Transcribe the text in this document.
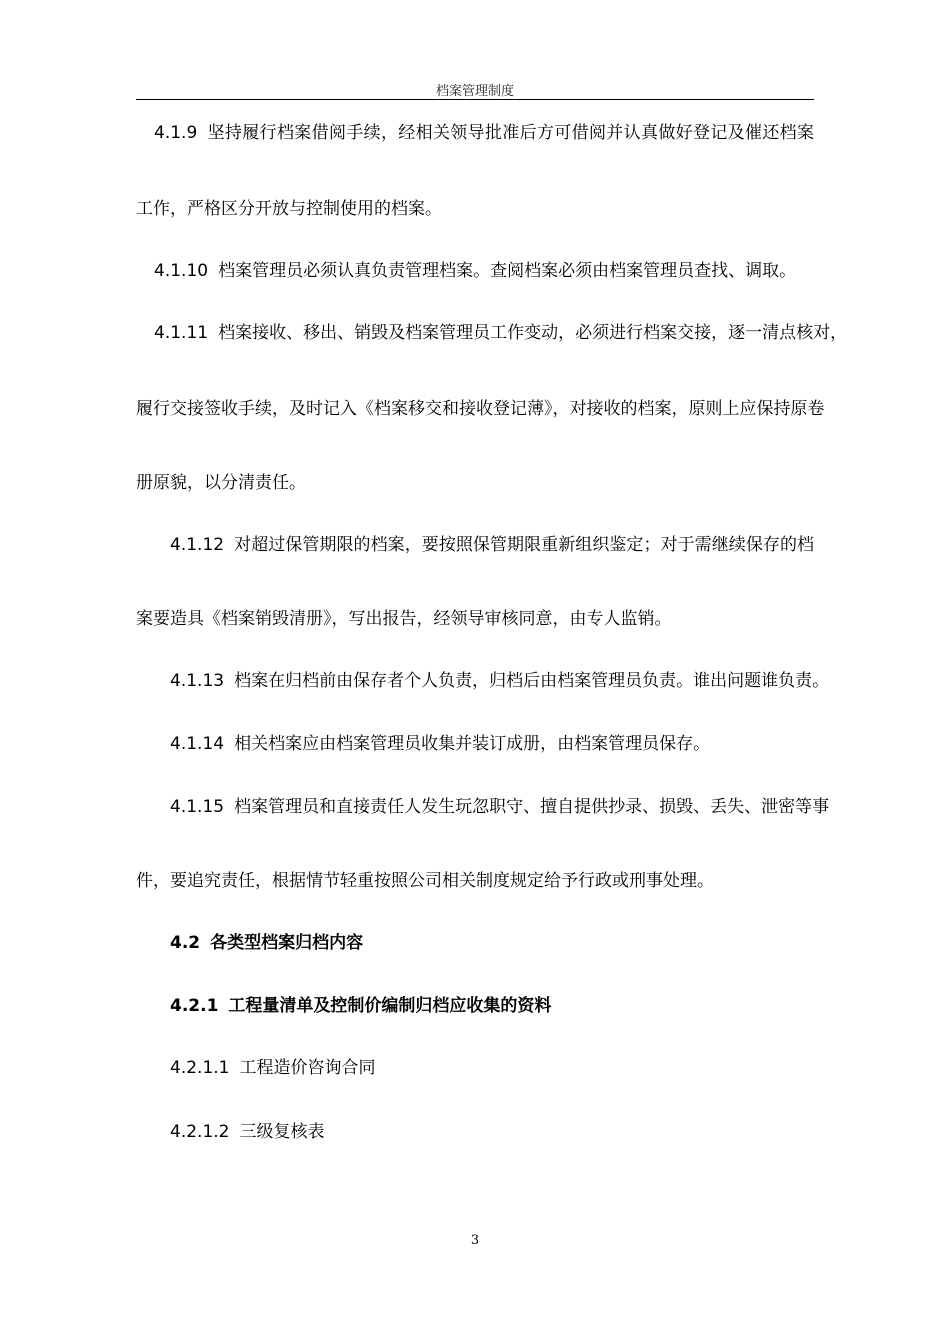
档案管理制度
4.1.9 坚持履行档案借阅手续，经相关领导批准后方可借阅并认真做好登记及催还档案
工作，严格区分开放与控制使用的档案。
4.1.10 档案管理员必须认真负责管理档案。查阅档案必须由档案管理员查找、调取。
4.1.11 档案接收、移出、销毁及档案管理员工作变动，必须进行档案交接，逐一清点核对，
履行交接签收手续，及时记入《档案移交和接收登记薄》，对接收的档案，原则上应保持原卷
册原貌，以分清责任。
4.1.12 对超过保管期限的档案，要按照保管期限重新组织鉴定；对于需继续保存的档
案要造具《档案销毁清册》，写出报告，经领导审核同意，由专人监销。
4.1.13 档案在归档前由保存者个人负责，归档后由档案管理员负责。谁出问题谁负责。
4.1.14 相关档案应由档案管理员收集并装订成册，由档案管理员保存。
4.1.15 档案管理员和直接责任人发生玩忽职守、擅自提供抄录、损毁、丢失、泄密等事
件，要追究责任，根据情节轻重按照公司相关制度规定给予行政或刑事处理。
4.2 各类型档案归档内容
4.2.1 工程量清单及控制价编制归档应收集的资料
4.2.1.1 工程造价咨询合同
4.2.1.2 三级复核表
3
